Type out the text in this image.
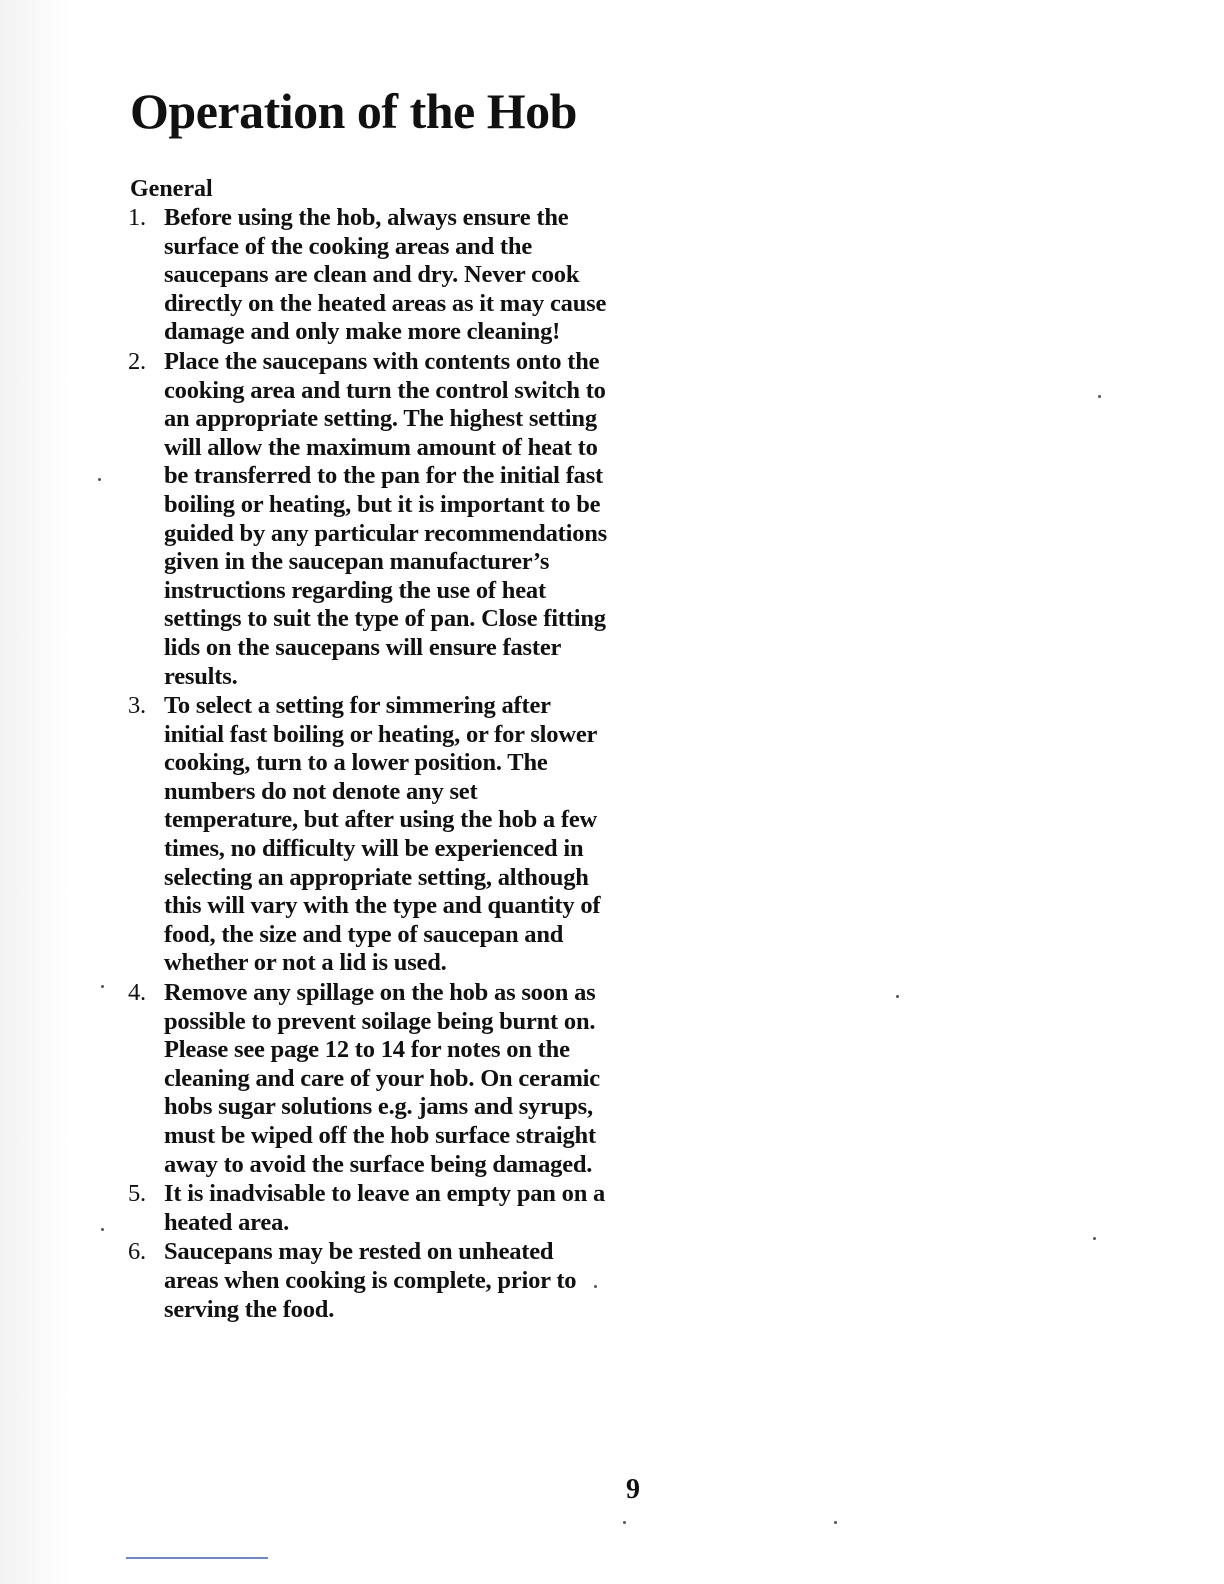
Operation of the Hob
General
1. Before using the hob, always ensure the surface of the cooking areas and the saucepans are clean and dry. Never cook directly on the heated areas as it may cause damage and only make more cleaning!
2. Place the saucepans with contents onto the cooking area and turn the control switch to an appropriate setting. The highest setting will allow the maximum amount of heat to be transferred to the pan for the initial fast boiling or heating, but it is important to be guided by any particular recommendations given in the saucepan manufacturer’s instructions regarding the use of heat settings to suit the type of pan. Close fitting lids on the saucepans will ensure faster results.
3. To select a setting for simmering after initial fast boiling or heating, or for slower cooking, turn to a lower position. The numbers do not denote any set temperature, but after using the hob a few times, no difficulty will be experienced in selecting an appropriate setting, although this will vary with the type and quantity of food, the size and type of saucepan and whether or not a lid is used.
4. Remove any spillage on the hob as soon as possible to prevent soilage being burnt on. Please see page 12 to 14 for notes on the cleaning and care of your hob. On ceramic hobs sugar solutions e.g. jams and syrups, must be wiped off the hob surface straight away to avoid the surface being damaged.
5. It is inadvisable to leave an empty pan on a heated area.
6. Saucepans may be rested on unheated areas when cooking is complete, prior to serving the food.
9
